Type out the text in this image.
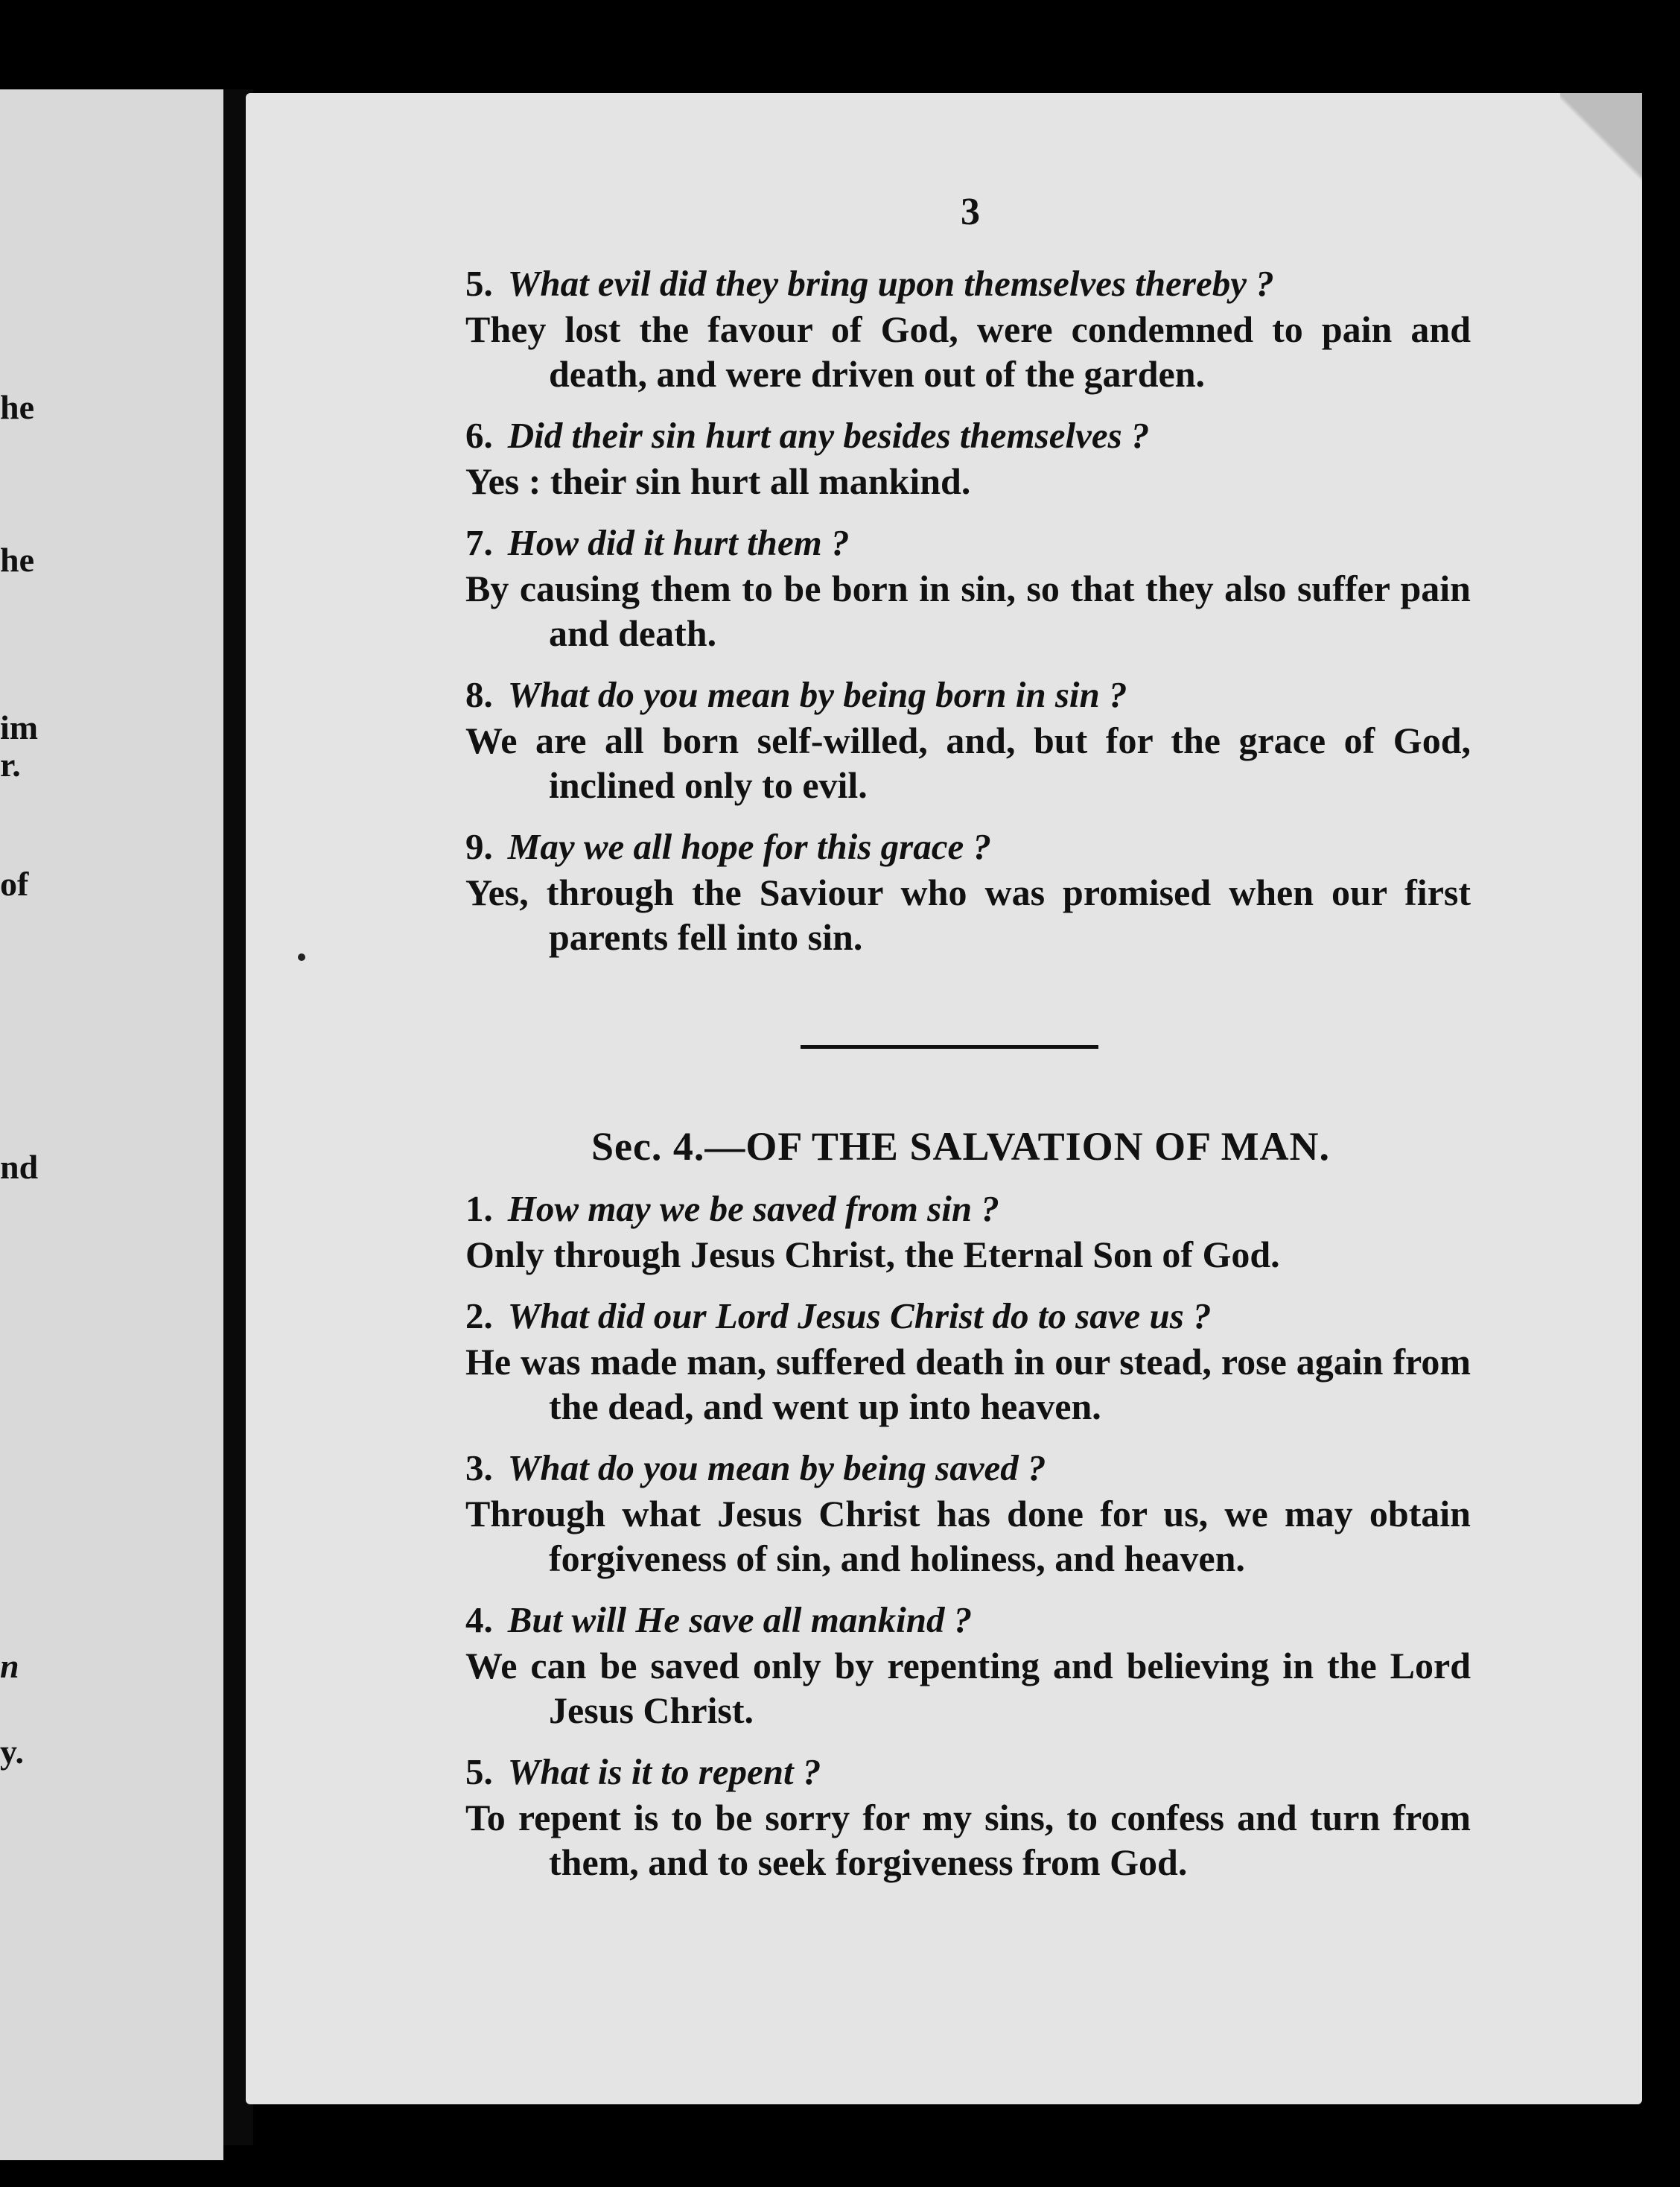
he
he
im
r.
of
nd
n
y.
3
5. What evil did they bring upon themselves thereby ?
They lost the favour of God, were condemned to pain and death, and were driven out of the garden.
6. Did their sin hurt any besides themselves ?
Yes : their sin hurt all mankind.
7. How did it hurt them ?
By causing them to be born in sin, so that they also suffer pain and death.
8. What do you mean by being born in sin ?
We are all born self-willed, and, but for the grace of God, inclined only to evil.
9. May we all hope for this grace ?
Yes, through the Saviour who was promised when our first parents fell into sin.
Sec. 4.—OF THE SALVATION OF MAN.
1. How may we be saved from sin ?
Only through Jesus Christ, the Eternal Son of God.
2. What did our Lord Jesus Christ do to save us ?
He was made man, suffered death in our stead, rose again from the dead, and went up into heaven.
3. What do you mean by being saved ?
Through what Jesus Christ has done for us, we may obtain forgiveness of sin, and holiness, and heaven.
4. But will He save all mankind ?
We can be saved only by repenting and believing in the Lord Jesus Christ.
5. What is it to repent ?
To repent is to be sorry for my sins, to confess and turn from them, and to seek forgiveness from God.
